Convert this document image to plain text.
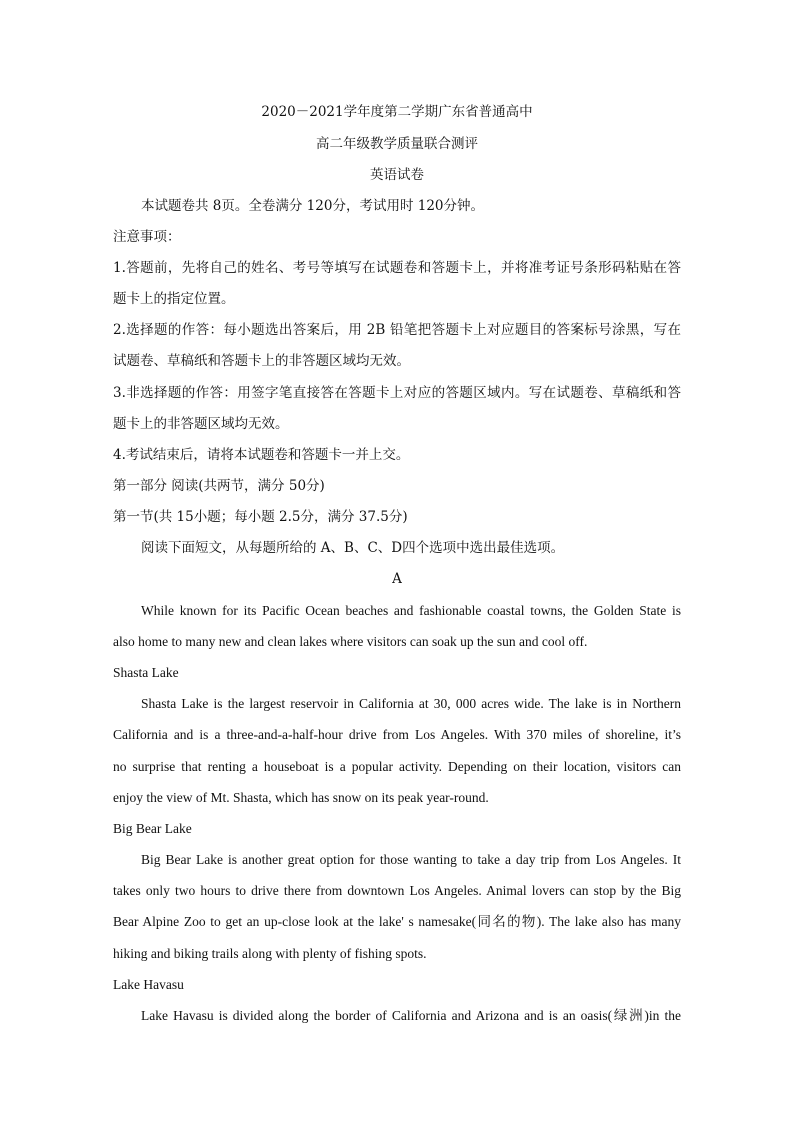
2020－2021学年度第二学期广东省普通高中
高二年级教学质量联合测评
英语试卷
本试题卷共 8页。全卷满分 120分，考试用时 120分钟。
注意事项：
1.答题前，先将自己的姓名、考号等填写在试题卷和答题卡上，并将准考证号条形码粘贴在答
题卡上的指定位置。
2.选择题的作答：每小题选出答案后，用 2B 铅笔把答题卡上对应题目的答案标号涂黑，写在
试题卷、草稿纸和答题卡上的非答题区域均无效。
3.非选择题的作答：用签字笔直接答在答题卡上对应的答题区域内。写在试题卷、草稿纸和答
题卡上的非答题区域均无效。
4.考试结束后，请将本试题卷和答题卡一并上交。
第一部分 阅读(共两节，满分 50分)
第一节(共 15小题；每小题 2.5分，满分 37.5分)
阅读下面短文，从每题所给的 A、B、C、D四个选项中选出最佳选项。
A
While known for its Pacific Ocean beaches and fashionable coastal towns, the Golden State is
also home to many new and clean lakes where visitors can soak up the sun and cool off.
Shasta Lake
Shasta Lake is the largest reservoir in California at 30, 000 acres wide. The lake is in Northern
California and is a three-and-a-half-hour drive from Los Angeles. With 370 miles of shoreline, it’s
no surprise that renting a houseboat is a popular activity. Depending on their location, visitors can
enjoy the view of Mt. Shasta, which has snow on its peak year-round.
Big Bear Lake
Big Bear Lake is another great option for those wanting to take a day trip from Los Angeles. It
takes only two hours to drive there from downtown Los Angeles. Animal lovers can stop by the Big
Bear Alpine Zoo to get an up-close look at the lake' s namesake(同名的物). The lake also has many
hiking and biking trails along with plenty of fishing spots.
Lake Havasu
Lake Havasu is divided along the border of California and Arizona and is an oasis(绿洲)in the
